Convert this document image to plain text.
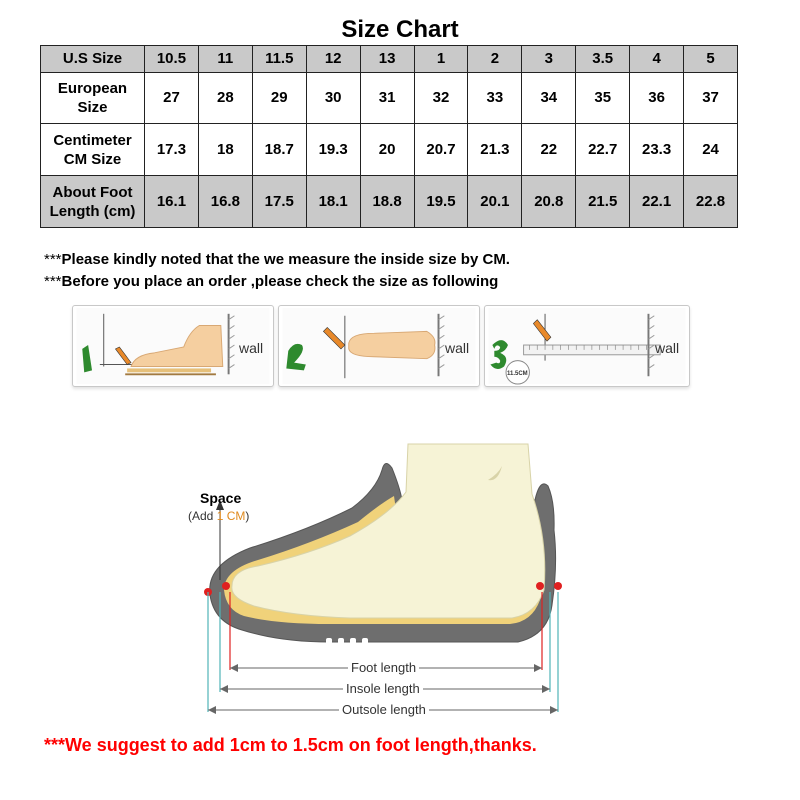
Size Chart
U.S Size	10.5	11	11.5	12	13	1	2	3	3.5	4	5
European Size	27	28	29	30	31	32	33	34	35	36	37
Centimeter CM Size	17.3	18	18.7	19.3	20	20.7	21.3	22	22.7	23.3	24
About Foot Length (cm)	16.1	16.8	17.5	18.1	18.8	19.5	20.1	20.8	21.5	22.1	22.8
***Please kindly noted that the we measure the inside size by CM.
***Before you place an order ,please check the size as following
wall	wall	wall
11.5CM
Space
(Add 1 CM)
Foot length
Insole length
Outsole length
***We suggest to add 1cm to 1.5cm on foot length,thanks.
